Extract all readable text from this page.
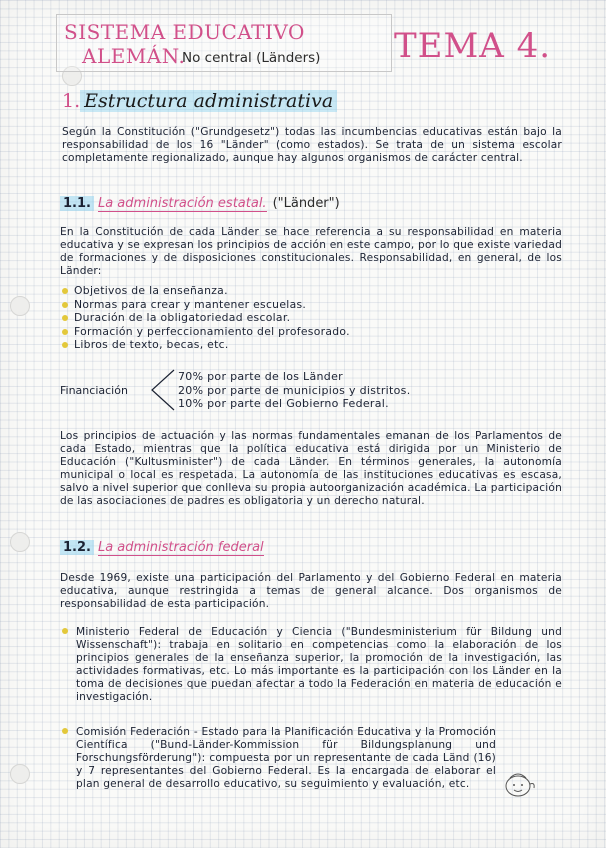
SISTEMA EDUCATIVO
ALEMÁN.
No central (Länders) TEMA 4.
1. Estructura administrativa
Según la Constitución ("Grundgesetz") todas las incumbencias educativas están bajo la responsabilidad de los 16 "Länder" (como estados). Se trata de un sistema escolar completamente regionalizado, aunque hay algunos organismos de carácter central.
1.1. La administración estatal. ("Länder")
En la Constitución de cada Länder se hace referencia a su responsabilidad en materia educativa y se expresan los principios de acción en este campo, por lo que existe variedad de formaciones y de disposiciones constitucionales. Responsabilidad, en general, de los Länder:
Objetivos de la enseñanza.
Normas para crear y mantener escuelas.
Duración de la obligatoriedad escolar.
Formación y perfeccionamiento del profesorado.
Libros de texto, becas, etc.
Financiación
70% por parte de los Länder
20% por parte de municipios y distritos.
10% por parte del Gobierno Federal.
Los principios de actuación y las normas fundamentales emanan de los Parlamentos de cada Estado, mientras que la política educativa está dirigida por un Ministerio de Educación ("Kultusminister") de cada Länder. En términos generales, la autonomía municipal o local es respetada. La autonomía de las instituciones educativas es escasa, salvo a nivel superior que conlleva su propia autoorganización académica. La participación de las asociaciones de padres es obligatoria y un derecho natural.
1.2. La administración federal
Desde 1969, existe una participación del Parlamento y del Gobierno Federal en materia educativa, aunque restringida a temas de general alcance. Dos organismos de responsabilidad de esta participación.
Ministerio Federal de Educación y Ciencia ("Bundesministerium für Bildung und Wissenschaft"): trabaja en solitario en competencias como la elaboración de los principios generales de la enseñanza superior, la promoción de la investigación, las actividades formativas, etc. Lo más importante es la participación con los Länder en la toma de decisiones que puedan afectar a todo la Federación en materia de educación e investigación.
Comisión Federación - Estado para la Planificación Educativa y la Promoción Científica ("Bund-Länder-Kommission für Bildungsplanung und Forschungsförderung"): compuesta por un representante de cada Länd (16) y 7 representantes del Gobierno Federal. Es la encargada de elaborar el plan general de desarrollo educativo, su seguimiento y evaluación, etc.
